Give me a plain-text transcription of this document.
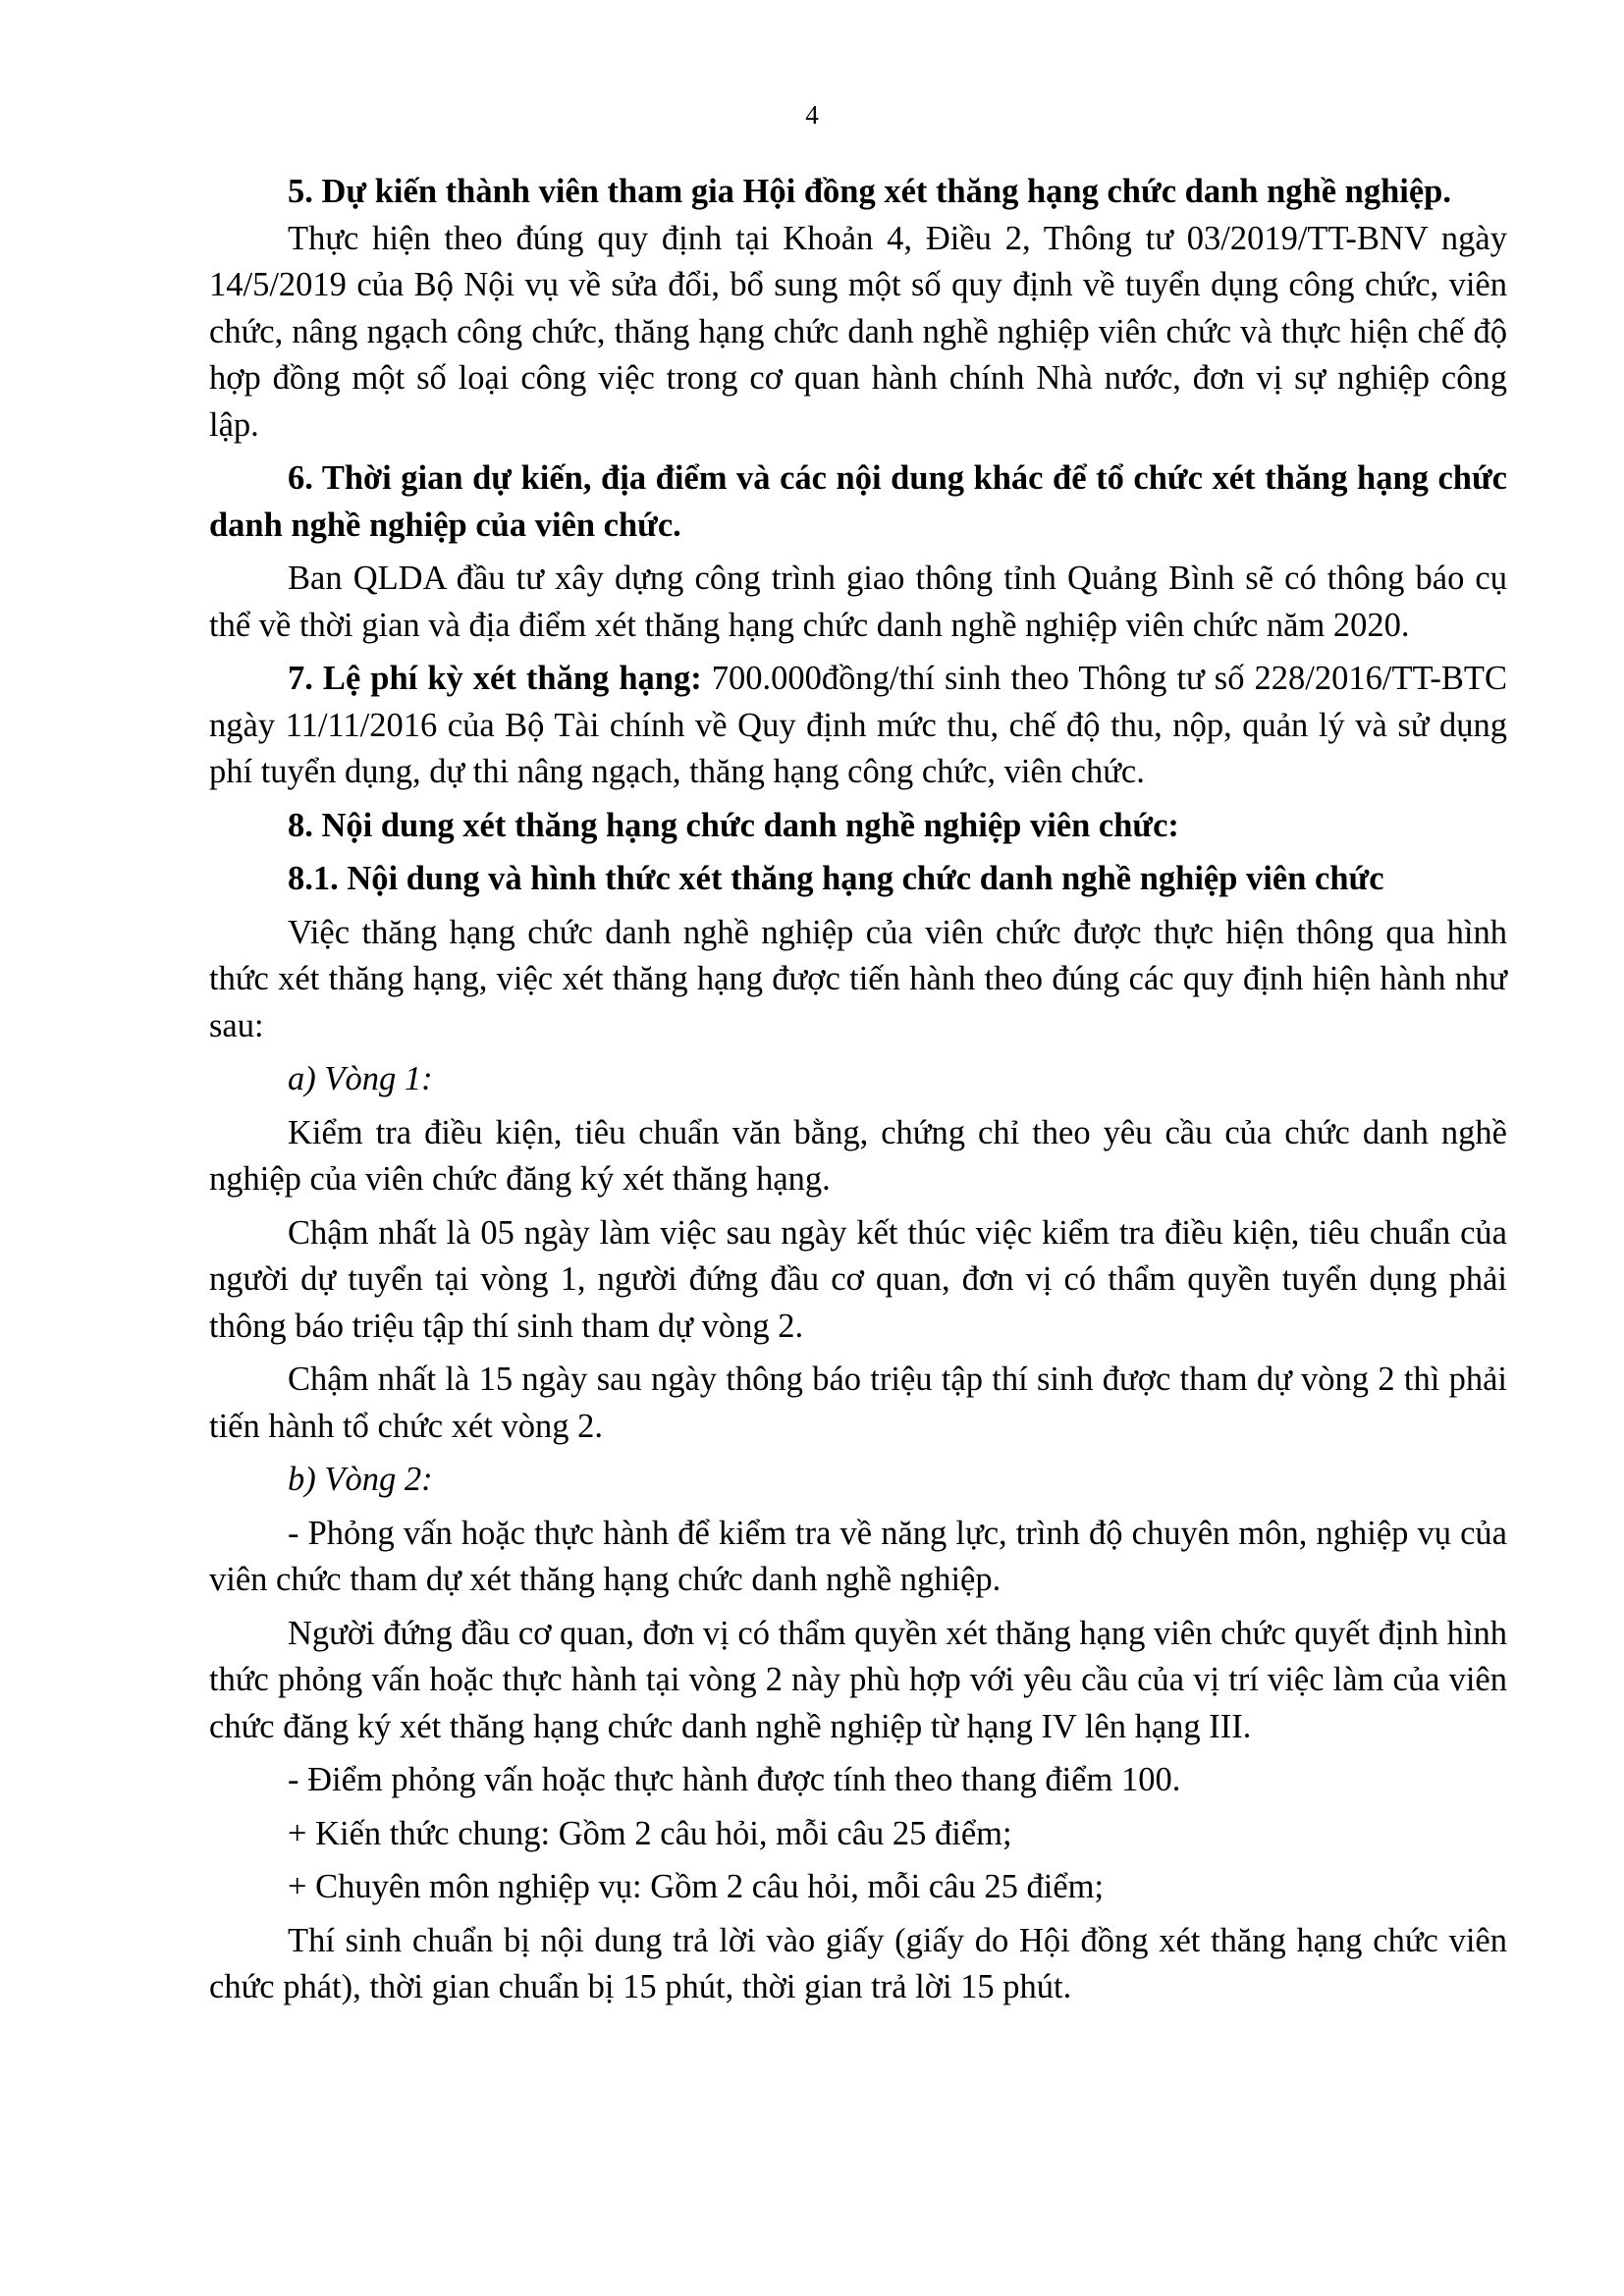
4

5. Dự kiến thành viên tham gia Hội đồng xét thăng hạng chức danh nghề nghiệp.

Thực hiện theo đúng quy định tại Khoản 4, Điều 2, Thông tư 03/2019/TT-BNV ngày 14/5/2019 của Bộ Nội vụ về sửa đổi, bổ sung một số quy định về tuyển dụng công chức, viên chức, nâng ngạch công chức, thăng hạng chức danh nghề nghiệp viên chức và thực hiện chế độ hợp đồng một số loại công việc trong cơ quan hành chính Nhà nước, đơn vị sự nghiệp công lập.

6. Thời gian dự kiến, địa điểm và các nội dung khác để tổ chức xét thăng hạng chức danh nghề nghiệp của viên chức.

Ban QLDA đầu tư xây dựng công trình giao thông tỉnh Quảng Bình sẽ có thông báo cụ thể về thời gian và địa điểm xét thăng hạng chức danh nghề nghiệp viên chức năm 2020.

7. Lệ phí kỳ xét thăng hạng: 700.000đồng/thí sinh theo Thông tư số 228/2016/TT-BTC ngày 11/11/2016 của Bộ Tài chính về Quy định mức thu, chế độ thu, nộp, quản lý và sử dụng phí tuyển dụng, dự thi nâng ngạch, thăng hạng công chức, viên chức.

8. Nội dung xét thăng hạng chức danh nghề nghiệp viên chức:

8.1. Nội dung và hình thức xét thăng hạng chức danh nghề nghiệp viên chức

Việc thăng hạng chức danh nghề nghiệp của viên chức được thực hiện thông qua hình thức xét thăng hạng, việc xét thăng hạng được tiến hành theo đúng các quy định hiện hành như sau:

a) Vòng 1:

Kiểm tra điều kiện, tiêu chuẩn văn bằng, chứng chỉ theo yêu cầu của chức danh nghề nghiệp của viên chức đăng ký xét thăng hạng.

Chậm nhất là 05 ngày làm việc sau ngày kết thúc việc kiểm tra điều kiện, tiêu chuẩn của người dự tuyển tại vòng 1, người đứng đầu cơ quan, đơn vị có thẩm quyền tuyển dụng phải thông báo triệu tập thí sinh tham dự vòng 2.

Chậm nhất là 15 ngày sau ngày thông báo triệu tập thí sinh được tham dự vòng 2 thì phải tiến hành tổ chức xét vòng 2.

b) Vòng 2:

- Phỏng vấn hoặc thực hành để kiểm tra về năng lực, trình độ chuyên môn, nghiệp vụ của viên chức tham dự xét thăng hạng chức danh nghề nghiệp.

Người đứng đầu cơ quan, đơn vị có thẩm quyền xét thăng hạng viên chức quyết định hình thức phỏng vấn hoặc thực hành tại vòng 2 này phù hợp với yêu cầu của vị trí việc làm của viên chức đăng ký xét thăng hạng chức danh nghề nghiệp từ hạng IV lên hạng III.

- Điểm phỏng vấn hoặc thực hành được tính theo thang điểm 100.

+ Kiến thức chung: Gồm 2 câu hỏi, mỗi câu 25 điểm;

+ Chuyên môn nghiệp vụ: Gồm 2 câu hỏi, mỗi câu 25 điểm;

Thí sinh chuẩn bị nội dung trả lời vào giấy (giấy do Hội đồng xét thăng hạng chức viên chức phát), thời gian chuẩn bị 15 phút, thời gian trả lời 15 phút.
